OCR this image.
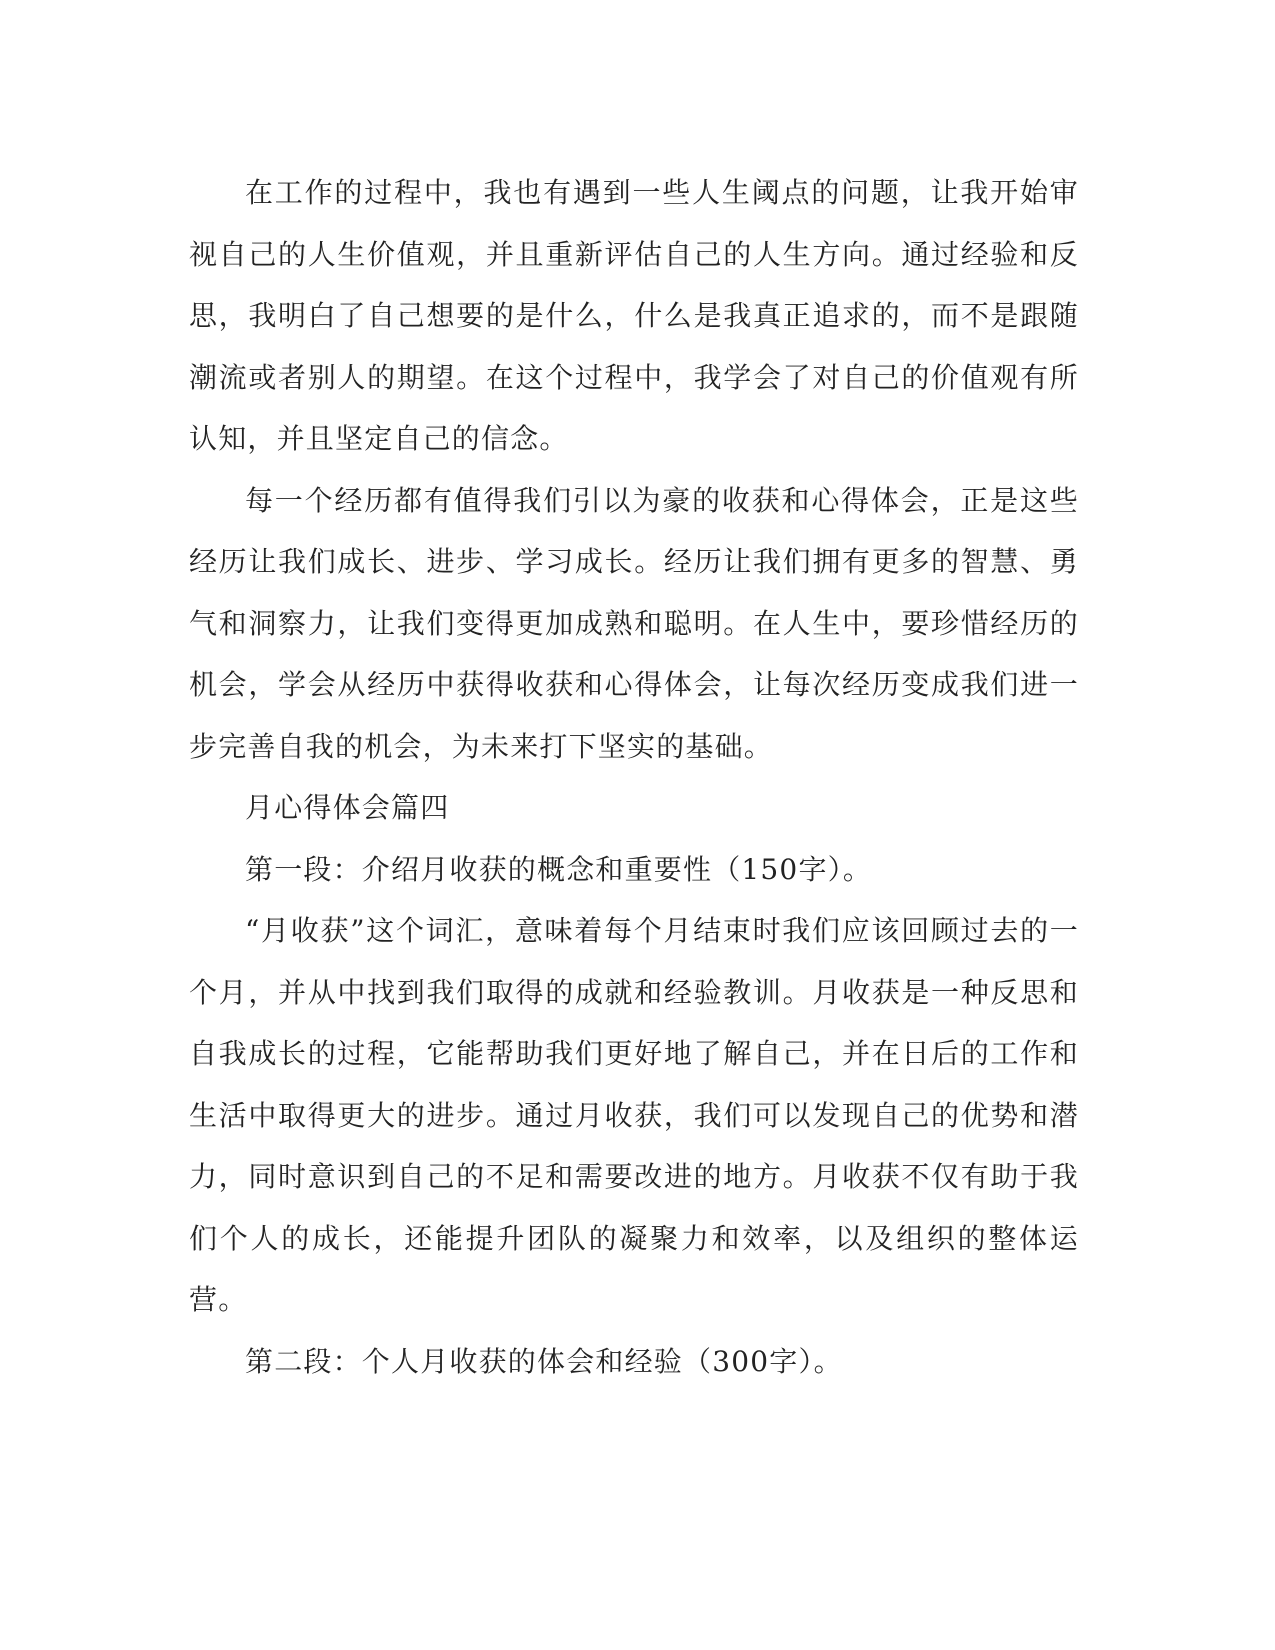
在工作的过程中，我也有遇到一些人生阈点的问题，让我开始审视自己的人生价值观，并且重新评估自己的人生方向。通过经验和反思，我明白了自己想要的是什么，什么是我真正追求的，而不是跟随潮流或者别人的期望。在这个过程中，我学会了对自己的价值观有所认知，并且坚定自己的信念。

每一个经历都有值得我们引以为豪的收获和心得体会，正是这些经历让我们成长、进步、学习成长。经历让我们拥有更多的智慧、勇气和洞察力，让我们变得更加成熟和聪明。在人生中，要珍惜经历的机会，学会从经历中获得收获和心得体会，让每次经历变成我们进一步完善自我的机会，为未来打下坚实的基础。

月心得体会篇四

第一段：介绍月收获的概念和重要性（150字）。

“月收获”这个词汇，意味着每个月结束时我们应该回顾过去的一个月，并从中找到我们取得的成就和经验教训。月收获是一种反思和自我成长的过程，它能帮助我们更好地了解自己，并在日后的工作和生活中取得更大的进步。通过月收获，我们可以发现自己的优势和潜力，同时意识到自己的不足和需要改进的地方。月收获不仅有助于我们个人的成长，还能提升团队的凝聚力和效率，以及组织的整体运营。

第二段：个人月收获的体会和经验（300字）。
